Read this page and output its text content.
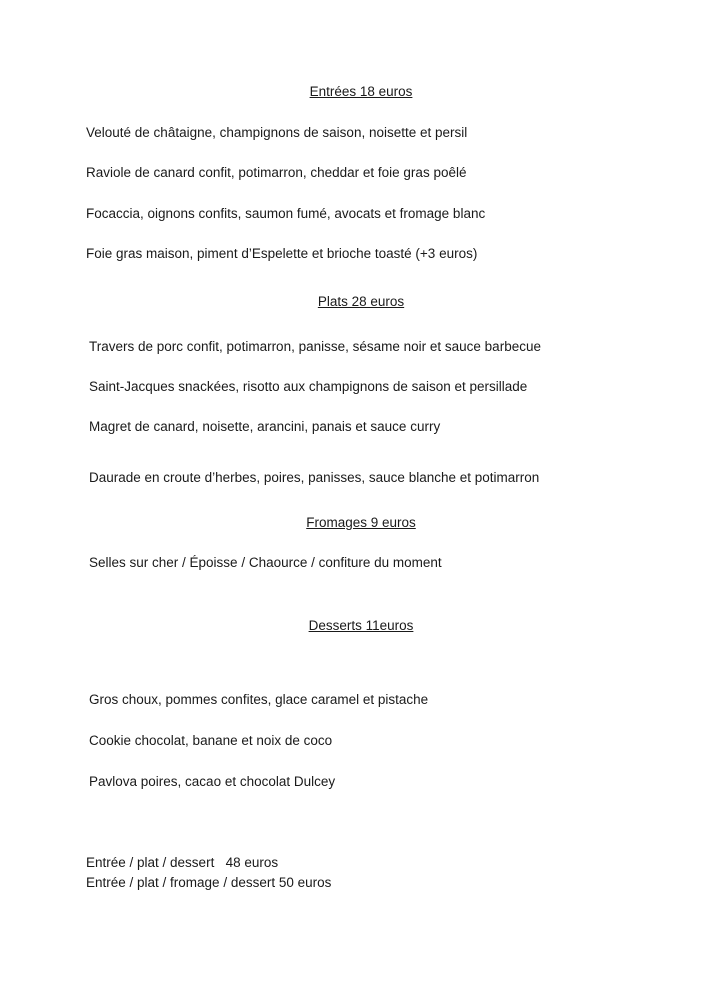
Entrées 18 euros
Velouté de châtaigne, champignons de saison, noisette et persil
Raviole de canard confit, potimarron, cheddar et foie gras poêlé
Focaccia, oignons confits, saumon fumé, avocats et fromage blanc
Foie gras maison, piment d’Espelette et brioche toasté (+3 euros)
Plats 28 euros
Travers de porc confit, potimarron, panisse, sésame noir et sauce barbecue
Saint-Jacques snackées, risotto aux champignons de saison et persillade
Magret de canard, noisette, arancini, panais et sauce curry
Daurade en croute d’herbes, poires, panisses, sauce blanche et potimarron
Fromages 9 euros
Selles sur cher / Époisse / Chaource / confiture du moment
Desserts 11euros
Gros choux, pommes confites, glace caramel et pistache
Cookie chocolat, banane et noix de coco
Pavlova poires, cacao et chocolat Dulcey
Entrée / plat / dessert   48 euros
Entrée / plat / fromage / dessert 50 euros
